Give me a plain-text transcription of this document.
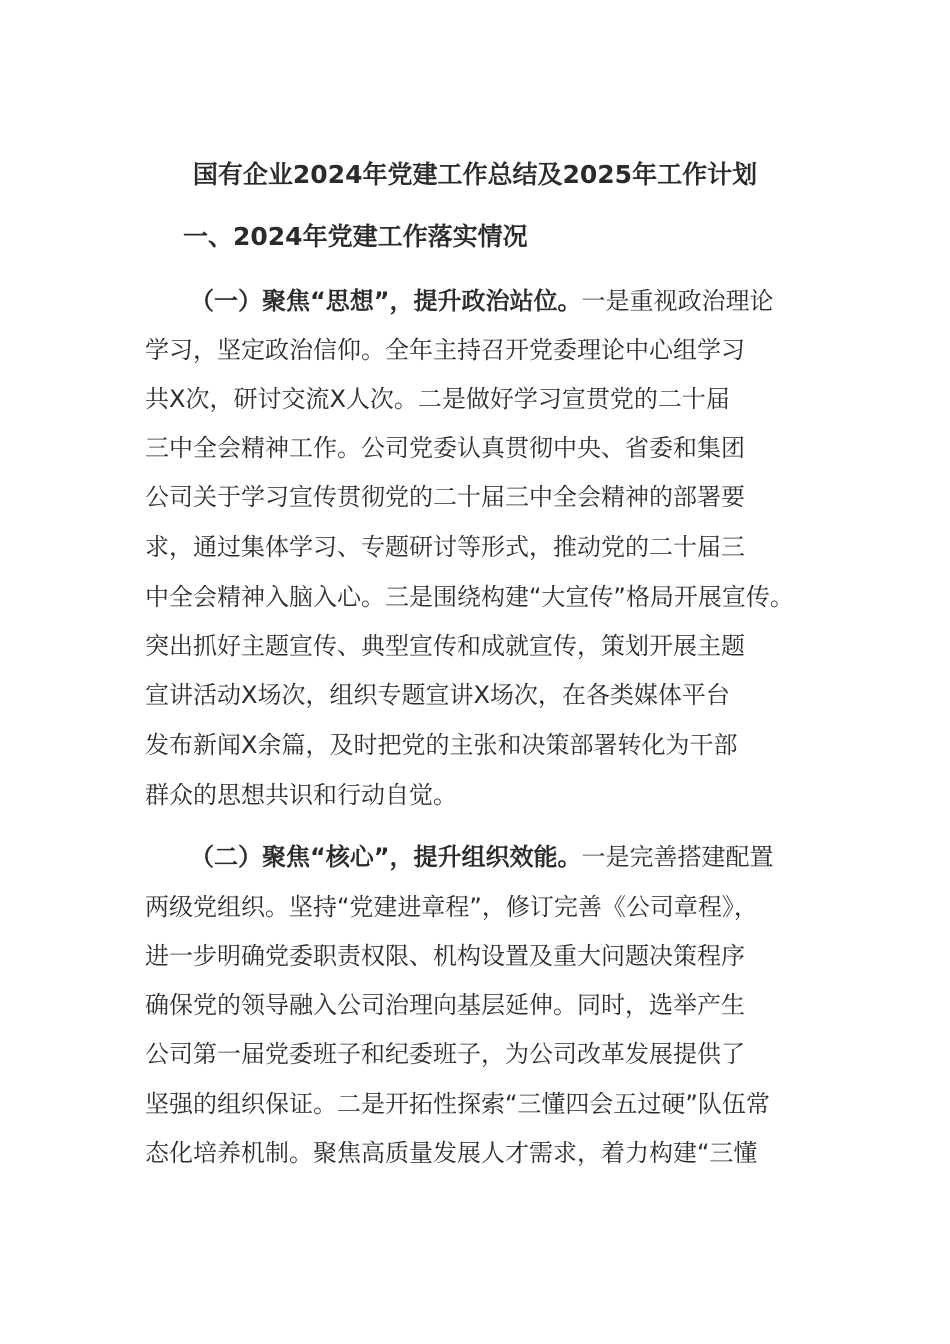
国有企业2024年党建工作总结及2025年工作计划
一、2024年党建工作落实情况

（一）聚焦“思想”，提升政治站位。一是重视政治理论

学习，坚定政治信仰。全年主持召开党委理论中心组学习

共X次，研讨交流X人次。二是做好学习宣贯党的二十届

三中全会精神工作。公司党委认真贯彻中央、省委和集团

公司关于学习宣传贯彻党的二十届三中全会精神的部署要

求，通过集体学习、专题研讨等形式，推动党的二十届三

中全会精神入脑入心。三是围绕构建“大宣传”格局开展宣传。

突出抓好主题宣传、典型宣传和成就宣传，策划开展主题

宣讲活动X场次，组织专题宣讲X场次，在各类媒体平台

发布新闻X余篇，及时把党的主张和决策部署转化为干部

群众的思想共识和行动自觉。

（二）聚焦“核心”，提升组织效能。一是完善搭建配置

两级党组织。坚持“党建进章程”，修订完善《公司章程》，

进一步明确党委职责权限、机构设置及重大问题决策程序

确保党的领导融入公司治理向基层延伸。同时，选举产生

公司第一届党委班子和纪委班子，为公司改革发展提供了

坚强的组织保证。二是开拓性探索“三懂四会五过硬”队伍常

态化培养机制。聚焦高质量发展人才需求，着力构建“三懂
